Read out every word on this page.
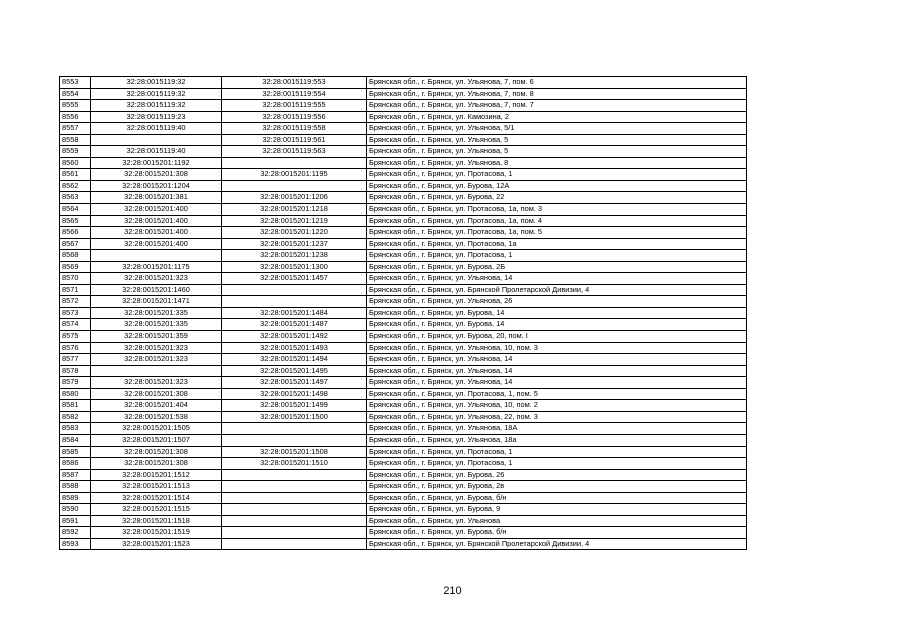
8553	32:28:0015119:32	32:28:0015119:553	Брянская обл., г. Брянск, ул. Ульянова, 7, пом. 6
8554	32:28:0015119:32	32:28:0015119:554	Брянская обл., г. Брянск, ул. Ульянова, 7, пом. 8
8555	32:28:0015119:32	32:28:0015119:555	Брянская обл., г. Брянск, ул. Ульянова, 7, пом. 7
8556	32:28:0015119:23	32:28:0015119:556	Брянская обл., г. Брянск, ул. Камозина, 2
8557	32:28:0015119:40	32:28:0015119:558	Брянская обл., г. Брянск, ул. Ульянова, 5/1
8558		32:28:0015119:561	Брянская обл., г. Брянск, ул. Ульянова, 5
8559	32:28:0015119:40	32:28:0015119:563	Брянская обл., г. Брянск, ул. Ульянова, 5
8560	32:28:0015201:1192		Брянская обл., г. Брянск, ул. Ульянова, 8
8561	32:28:0015201:308	32:28:0015201:1195	Брянская обл., г. Брянск, ул. Протасова, 1
8562	32:28:0015201:1204		Брянская обл., г. Брянск, ул. Бурова, 12А
8563	32:28:0015201:381	32:28:0015201:1206	Брянская обл., г. Брянск, ул. Бурова, 22
8564	32:28:0015201:400	32:28:0015201:1218	Брянская обл., г. Брянск, ул. Протасова, 1а, пом. 3
8565	32:28:0015201:400	32:28:0015201:1219	Брянская обл., г. Брянск, ул. Протасова, 1а, пом. 4
8566	32:28:0015201:400	32:28:0015201:1220	Брянская обл., г. Брянск, ул. Протасова, 1а, пом. 5
8567	32:28:0015201:400	32:28:0015201:1237	Брянская обл., г. Брянск, ул. Протасова, 1а
8568		32:28:0015201:1238	Брянская обл., г. Брянск, ул. Протасова, 1
8569	32:28:0015201:1175	32:28:0015201:1300	Брянская обл., г. Брянск, ул. Бурова, 2Б
8570	32:28:0015201:323	32:28:0015201:1457	Брянская обл., г. Брянск, ул. Ульянова, 14
8571	32:28:0015201:1460		Брянская обл., г. Брянск, ул. Брянской Пролетарской Дивизии, 4
8572	32:28:0015201:1471		Брянская обл., г. Брянск, ул. Ульянова, 26
8573	32:28:0015201:335	32:28:0015201:1484	Брянская обл., г. Брянск, ул. Бурова, 14
8574	32:28:0015201:335	32:28:0015201:1487	Брянская обл., г. Брянск, ул. Бурова, 14
8575	32:28:0015201:359	32:28:0015201:1492	Брянская обл., г. Брянск, ул. Бурова, 20, пом. I
8576	32:28:0015201:323	32:28:0015201:1493	Брянская обл., г. Брянск, ул. Ульянова, 10, пом. 3
8577	32:28:0015201:323	32:28:0015201:1494	Брянская обл., г. Брянск, ул. Ульянова, 14
8578		32:28:0015201:1495	Брянская обл., г. Брянск, ул. Ульянова, 14
8579	32:28:0015201:323	32:28:0015201:1497	Брянская обл., г. Брянск, ул. Ульянова, 14
8580	32:28:0015201:308	32:28:0015201:1498	Брянская обл., г. Брянск, ул. Протасова, 1, пом. 5
8581	32:28:0015201:404	32:28:0015201:1499	Брянская обл., г. Брянск, ул. Ульянова, 10, пом. 2
8582	32:28:0015201:538	32:28:0015201:1500	Брянская обл., г. Брянск, ул. Ульянова, 22, пом. 3
8583	32:28:0015201:1505		Брянская обл., г. Брянск, ул. Ульянова, 18А
8584	32:28:0015201:1507		Брянская обл., г. Брянск, ул. Ульянова, 18а
8585	32:28:0015201:308	32:28:0015201:1508	Брянская обл., г. Брянск, ул. Протасова, 1
8586	32:28:0015201:308	32:28:0015201:1510	Брянская обл., г. Брянск, ул. Протасова, 1
8587	32:28:0015201:1512		Брянская обл., г. Брянск, ул. Бурова, 26
8588	32:28:0015201:1513		Брянская обл., г. Брянск, ул. Бурова, 2в
8589	32:28:0015201:1514		Брянская обл., г. Брянск, ул. Бурова, б/н
8590	32:28:0015201:1515		Брянская обл., г. Брянск, ул. Бурова, 9
8591	32:28:0015201:1518		Брянская обл., г. Брянск, ул. Ульянова
8592	32:28:0015201:1519		Брянская обл., г. Брянск, ул. Бурова, б/н
8593	32:28:0015201:1523		Брянская обл., г. Брянск, ул. Брянской Пролетарской Дивизии, 4
210
